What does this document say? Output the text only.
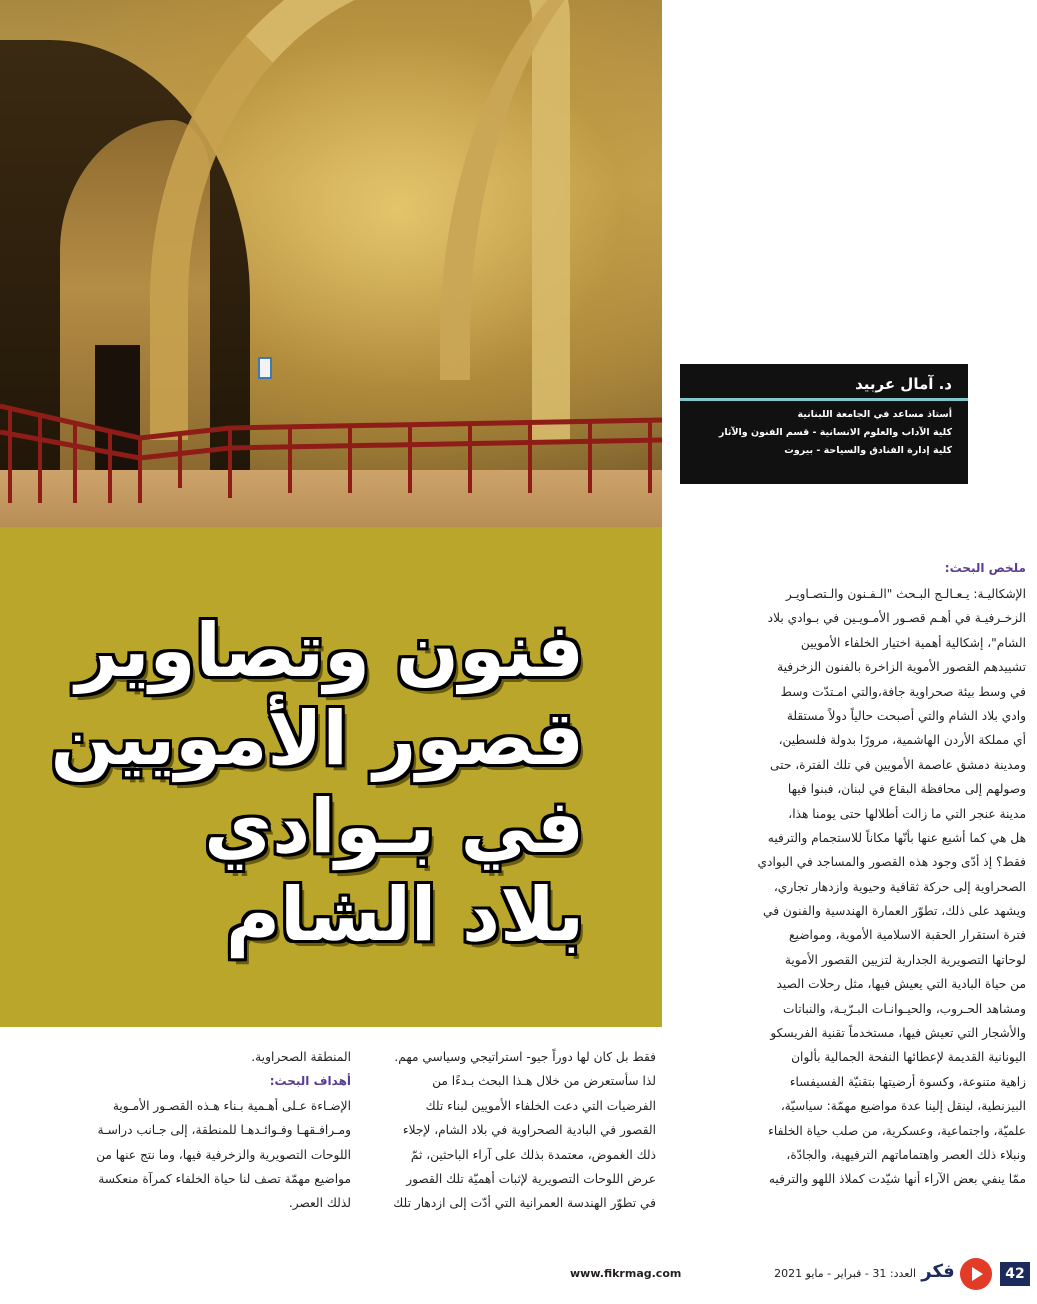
د. آمال عربيد
أستاذ مساعد في الجامعة اللبنانية
كلية الآداب والعلوم الانسانية - قسم الفنون والآثار
كلية إدارة الفنادق والسياحة - بيروت
فنون وتصاوير
قصور الأمويين
في بـوادي
بلاد الشام
ملخص البحث:
الإشكاليـة: يـعـالـج البـحث "الـفـنون والـتصـاويـر
الزخـرفيـة في أهـم قصـور الأمـويـين في بـوادي بلاد
الشام"، إشكالية أهمية اختيار الخلفاء الأمويين
تشييدهم القصور الأموية الزاخرة بالفنون الزخرفية
في وسط بيئة صحراوية جافة،والتي امـتدّت وسط
وادي بلاد الشام والتي أصبحت حالياً دولاً مستقلة
أي مملكة الأردن الهاشمية، مرورًا بدولة فلسطين،
ومدينة دمشق عاصمة الأمويين في تلك الفترة، حتى
وصولهم إلى محافظة البقاع في لبنان، فبنوا فيها
مدينة عنجر التي ما زالت أطلالها حتى يومنا هذا،
هل هي كما أشيع عنها بأنّها مكاناً للاستجمام والترفيه
فقط؟ إذ أدّى وجود هذه القصور والمساجد في البوادي
الصحراوية إلى حركة ثقافية وحيوية وازدهار تجاري،
ويشهد على ذلك، تطوّر العمارة الهندسية والفنون في
فترة استقرار الحقبة الاسلامية الأموية، ومواضيع
لوحاتها التصويرية الجدارية لتزيين القصور الأموية
من حياة البادية التي يعيش فيها، مثل رحلات الصيد
ومشاهد الحـروب، والحيـوانـات البـرّيـة، والنباتات
والأشجار التي تعيش فيها، مستخدماً تقنية الفريسكو
اليونانية القديمة لإعطائها النفحة الجمالية بألوان
زاهية متنوعة، وكسوة أرضيتها بتقنيّة الفسيفساء
البيزنطية، لينقل إلينا عدة مواضيع مهمّة: سياسيّة،
علميّة، واجتماعية، وعسكرية، من صلب حياة الخلفاء
ونبلاء ذلك العصر واهتماماتهم الترفيهية، والجادّة،
ممّا ينفي بعض الآراء أنها شيّدت كملاذ اللهو والترفيه
فقط بل كان لها دوراً جيو- استراتيجي وسياسي مهم.
لذا سأستعرض من خلال هـذا البحث بـدءًا من
الفرضيات التي دعت الخلفاء الأمويين لبناء تلك
القصور في البادية الصحراوية في بلاد الشام، لإجلاء
ذلك الغموض، معتمدة بذلك على آراء الباحثين، ثمّ
عرض اللوحات التصويرية لإثبات أهميّة تلك القصور
في تطوّر الهندسة العمرانية التي أدّت إلى ازدهار تلك
المنطقة الصحراوية.
أهداف البحث:
الإضـاءة عـلى أهـمية بـناء هـذه القصـور الأمـوية
ومـرافـقهـا وفـوائـدهـا للمنطقة، إلى جـانب دراسـة
اللوحات التصويرية والزخرفية فيها، وما نتج عنها من
مواضيع مهمّة تصف لنا حياة الخلفاء كمرآة منعكسة
لذلك العصر.
42
فكر
العدد: 31 - فبراير - مايو 2021
www.fikrmag.com
